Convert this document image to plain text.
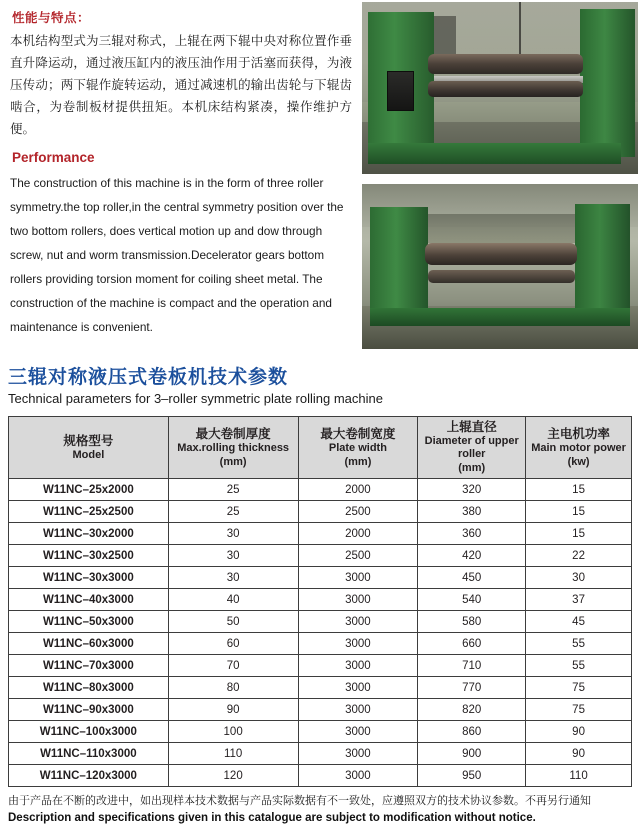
性能与特点：

本机结构型式为三辊对称式，上辊在两下辊中央对称位置作垂直升降运动，通过液压缸内的液压油作用于活塞而获得，为液压传动；两下辊作旋转运动，通过减速机的输出齿轮与下辊齿啮合，为卷制板材提供扭矩。本机床结构紧凑，操作维护方便。

Performance

The construction of this machine is in the form of three roller symmetry.the top roller,in the central symmetry position over the two bottom rollers, does vertical motion up and dow through screw, nut and worm transmission.Decelerator gears bottom rollers providing torsion moment for coiling sheet metal. The construction of the machine is compact and the operation and maintenance is convenient.

三辊对称液压式卷板机技术参数
Technical parameters for 3–roller symmetric plate rolling machine
规格型号
Model	最大卷制厚度
Max.rolling thickness
(mm)	最大卷制宽度
Plate width
(mm)	上辊直径
Diameter of upper roller
(mm)	主电机功率
Main motor power
(kw)

W11NC–25x2000	25	2000	320	15
W11NC–25x2500	25	2500	380	15
W11NC–30x2000	30	2000	360	15
W11NC–30x2500	30	2500	420	22
W11NC–30x3000	30	3000	450	30
W11NC–40x3000	40	3000	540	37
W11NC–50x3000	50	3000	580	45
W11NC–60x3000	60	3000	660	55
W11NC–70x3000	70	3000	710	55
W11NC–80x3000	80	3000	770	75
W11NC–90x3000	90	3000	820	75
W11NC–100x3000	100	3000	860	90
W11NC–110x3000	110	3000	900	90
W11NC–120x3000	120	3000	950	110
由于产品在不断的改进中，如出现样本技术数据与产品实际数据有不一致处，应遵照双方的技术协议参数。不再另行通知
Description and specifications given in this catalogue are subject to modification without notice.
